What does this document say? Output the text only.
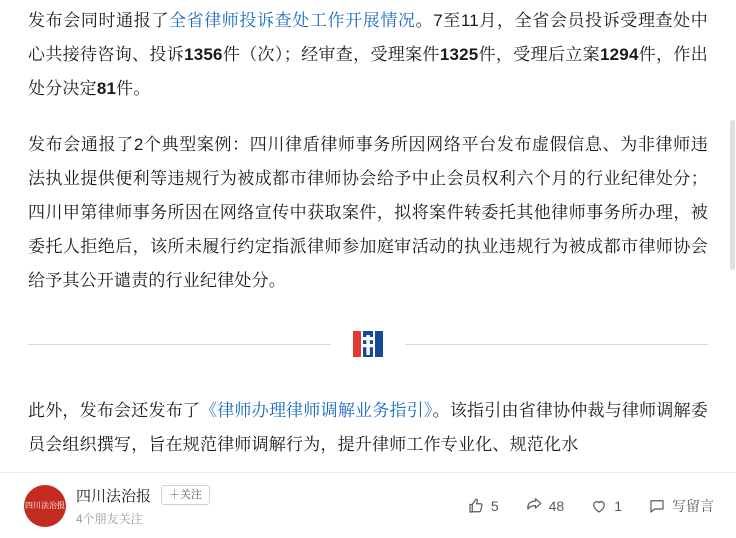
发布会同时通报了全省律师投诉查处工作开展情况。7至11月，全省会员投诉受理查处中心共接待咨询、投诉1356件（次）；经审查，受理案件1325件，受理后立案1294件，作出处分决定81件。

发布会通报了2个典型案例：四川律盾律师事务所因网络平台发布虚假信息、为非律师违法执业提供便利等违规行为被成都市律师协会给予中止会员权利六个月的行业纪律处分；四川甲第律师事务所因在网络宣传中获取案件，拟将案件转委托其他律师事务所办理，被委托人拒绝后，该所未履行约定指派律师参加庭审活动的执业违规行为被成都市律师协会给予其公开谴责的行业纪律处分。

此外，发布会还发布了《律师办理律师调解业务指引》。该指引由省律协仲裁与律师调解委员会组织撰写，旨在规范律师调解行为，提升律师工作专业化、规范化水

四川法治报
四川法治报	＋关注
4个朋友关注
5	48	1	写留言
